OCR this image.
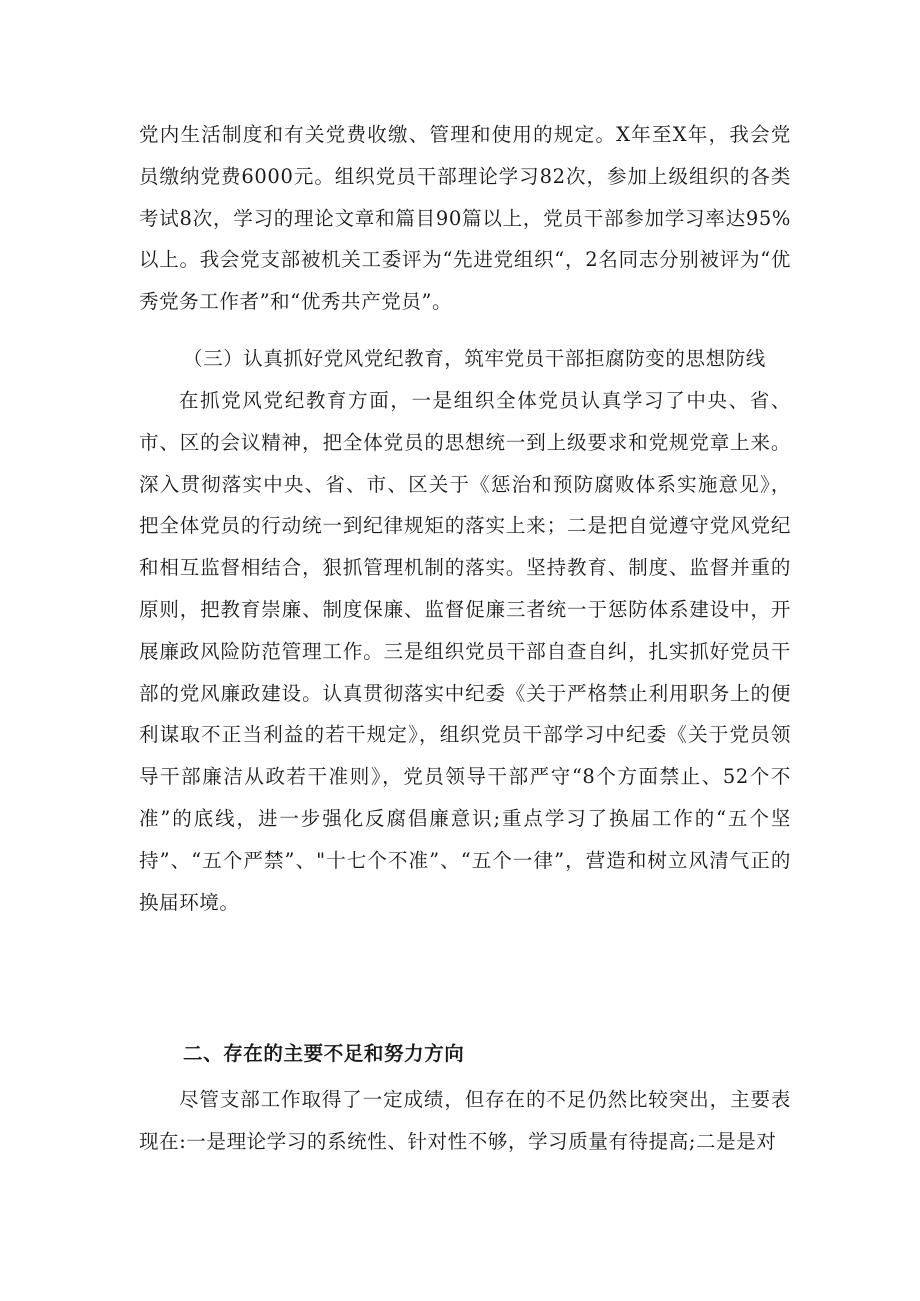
党内生活制度和有关党费收缴、管理和使用的规定。X年至X年，我会党员缴纳党费6000元。组织党员干部理论学习82次，参加上级组织的各类考试8次，学习的理论文章和篇目90篇以上，党员干部参加学习率达95%以上。我会党支部被机关工委评为“先进党组织“，2名同志分别被评为“优秀党务工作者”和“优秀共产党员”。

（三）认真抓好党风党纪教育，筑牢党员干部拒腐防变的思想防线

在抓党风党纪教育方面，一是组织全体党员认真学习了中央、省、市、区的会议精神，把全体党员的思想统一到上级要求和党规党章上来。深入贯彻落实中央、省、市、区关于《惩治和预防腐败体系实施意见》，把全体党员的行动统一到纪律规矩的落实上来；二是把自觉遵守党风党纪和相互监督相结合，狠抓管理机制的落实。坚持教育、制度、监督并重的原则，把教育崇廉、制度保廉、监督促廉三者统一于惩防体系建设中，开展廉政风险防范管理工作。三是组织党员干部自查自纠，扎实抓好党员干部的党风廉政建设。认真贯彻落实中纪委《关于严格禁止利用职务上的便利谋取不正当利益的若干规定》，组织党员干部学习中纪委《关于党员领导干部廉洁从政若干准则》，党员领导干部严守“8个方面禁止、52个不准”的底线，进一步强化反腐倡廉意识;重点学习了换届工作的“五个坚持”、“五个严禁”、"十七个不准”、“五个一律”，营造和树立风清气正的换届环境。

二、存在的主要不足和努力方向

尽管支部工作取得了一定成绩，但存在的不足仍然比较突出，主要表现在:一是理论学习的系统性、针对性不够，学习质量有待提高;二是是对
